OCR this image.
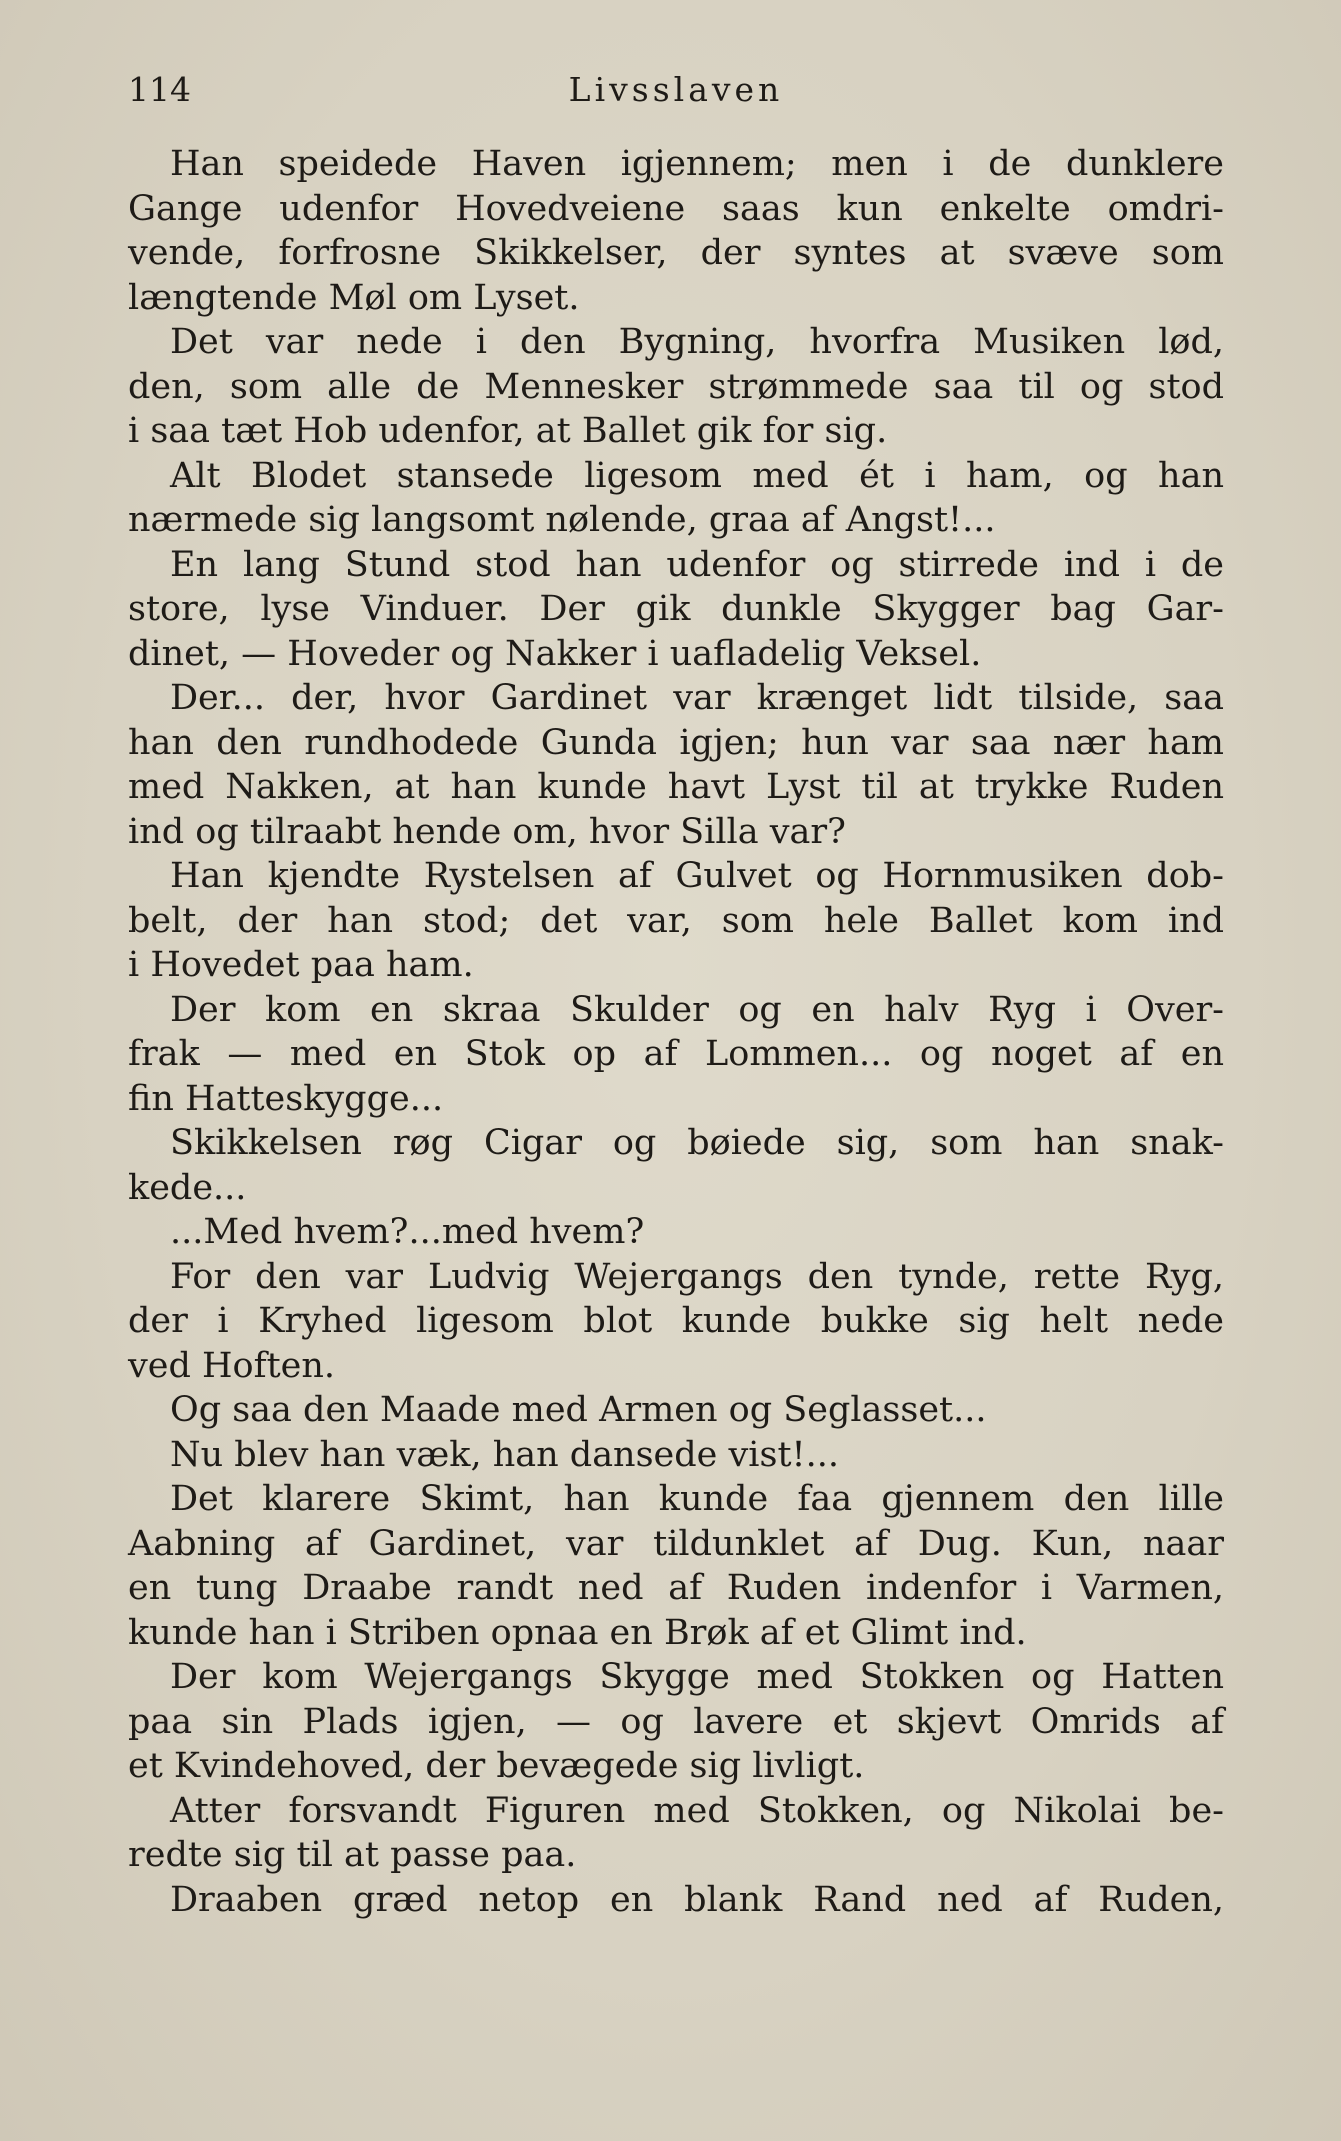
114	Livsslaven
Han speidede Haven igjennem; men i de dunklere
Gange udenfor Hovedveiene saas kun enkelte omdri-
vende, forfrosne Skikkelser, der syntes at svæve som
længtende Møl om Lyset.
Det var nede i den Bygning, hvorfra Musiken lød,
den, som alle de Mennesker strømmede saa til og stod
i saa tæt Hob udenfor, at Ballet gik for sig.
Alt Blodet stansede ligesom med ét i ham, og han
nærmede sig langsomt nølende, graa af Angst!...
En lang Stund stod han udenfor og stirrede ind i de
store, lyse Vinduer. Der gik dunkle Skygger bag Gar-
dinet, — Hoveder og Nakker i uafladelig Veksel.
Der... der, hvor Gardinet var krænget lidt tilside, saa
han den rundhodede Gunda igjen; hun var saa nær ham
med Nakken, at han kunde havt Lyst til at trykke Ruden
ind og tilraabt hende om, hvor Silla var?
Han kjendte Rystelsen af Gulvet og Hornmusiken dob-
belt, der han stod; det var, som hele Ballet kom ind
i Hovedet paa ham.
Der kom en skraa Skulder og en halv Ryg i Over-
frak — med en Stok op af Lommen... og noget af en
fin Hatteskygge...
Skikkelsen røg Cigar og bøiede sig, som han snak-
kede...
...Med hvem?...med hvem?
For den var Ludvig Wejergangs den tynde, rette Ryg,
der i Kryhed ligesom blot kunde bukke sig helt nede
ved Hoften.
Og saa den Maade med Armen og Seglasset...
Nu blev han væk, han dansede vist!...
Det klarere Skimt, han kunde faa gjennem den lille
Aabning af Gardinet, var tildunklet af Dug. Kun, naar
en tung Draabe randt ned af Ruden indenfor i Varmen,
kunde han i Striben opnaa en Brøk af et Glimt ind.
Der kom Wejergangs Skygge med Stokken og Hatten
paa sin Plads igjen, — og lavere et skjevt Omrids af
et Kvindehoved, der bevægede sig livligt.
Atter forsvandt Figuren med Stokken, og Nikolai be-
redte sig til at passe paa.
Draaben græd netop en blank Rand ned af Ruden,
